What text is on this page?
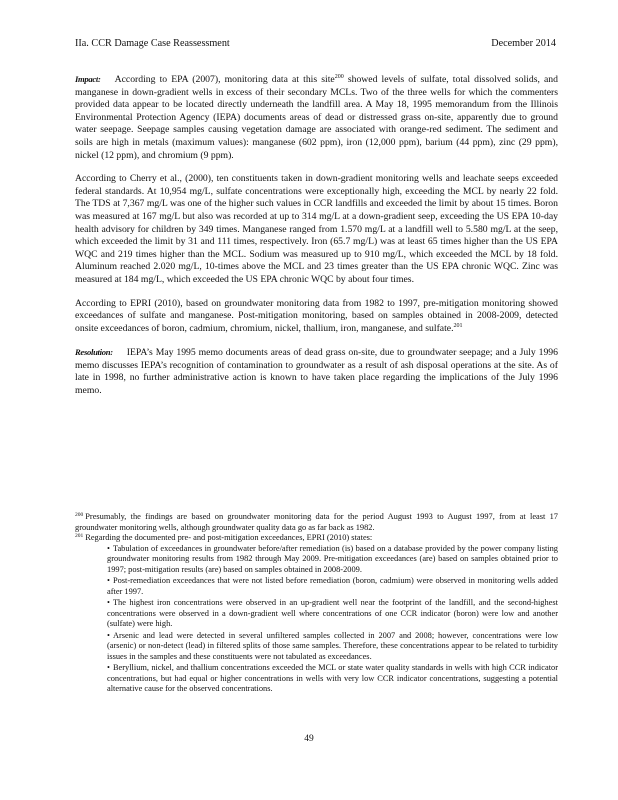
IIa. CCR Damage Case Reassessment	December 2014

Impact: According to EPA (2007), monitoring data at this site$^{200}$ showed levels of sulfate, total dissolved solids, and manganese in down-gradient wells in excess of their secondary MCLs. Two of the three wells for which the commenters provided data appear to be located directly underneath the landfill area. A May 18, 1995 memorandum from the Illinois Environmental Protection Agency (IEPA) documents areas of dead or distressed grass on-site, apparently due to ground water seepage. Seepage samples causing vegetation damage are associated with orange-red sediment. The sediment and soils are high in metals (maximum values): manganese (602 ppm), iron (12,000 ppm), barium (44 ppm), zinc (29 ppm), nickel (12 ppm), and chromium (9 ppm).

According to Cherry et al., (2000), ten constituents taken in down-gradient monitoring wells and leachate seeps exceeded federal standards. At 10,954 mg/L, sulfate concentrations were exceptionally high, exceeding the MCL by nearly 22 fold. The TDS at 7,367 mg/L was one of the higher such values in CCR landfills and exceeded the limit by about 15 times. Boron was measured at 167 mg/L but also was recorded at up to 314 mg/L at a down-gradient seep, exceeding the US EPA 10-day health advisory for children by 349 times. Manganese ranged from 1.570 mg/L at a landfill well to 5.580 mg/L at the seep, which exceeded the limit by 31 and 111 times, respectively. Iron (65.7 mg/L) was at least 65 times higher than the US EPA WQC and 219 times higher than the MCL. Sodium was measured up to 910 mg/L, which exceeded the MCL by 18 fold. Aluminum reached 2.020 mg/L, 10-times above the MCL and 23 times greater than the US EPA chronic WQC. Zinc was measured at 184 mg/L, which exceeded the US EPA chronic WQC by about four times.

According to EPRI (2010), based on groundwater monitoring data from 1982 to 1997, pre-mitigation monitoring showed exceedances of sulfate and manganese. Post-mitigation monitoring, based on samples obtained in 2008-2009, detected onsite exceedances of boron, cadmium, chromium, nickel, thallium, iron, manganese, and sulfate.$^{201}$

Resolution: IEPA’s May 1995 memo documents areas of dead grass on-site, due to groundwater seepage; and a July 1996 memo discusses IEPA’s recognition of contamination to groundwater as a result of ash disposal operations at the site. As of late in 1998, no further administrative action is known to have taken place regarding the implications of the July 1996 memo.

$^{200}$ Presumably, the findings are based on groundwater monitoring data for the period August 1993 to August 1997, from at least 17 groundwater monitoring wells, although groundwater quality data go as far back as 1982.

$^{201}$ Regarding the documented pre- and post-mitigation exceedances, EPRI (2010) states:

• Tabulation of exceedances in groundwater before/after remediation (is) based on a database provided by the power company listing groundwater monitoring results from 1982 through May 2009. Pre-mitigation exceedances (are) based on samples obtained prior to 1997; post-mitigation results (are) based on samples obtained in 2008-2009.
• Post-remediation exceedances that were not listed before remediation (boron, cadmium) were observed in monitoring wells added after 1997.
• The highest iron concentrations were observed in an up-gradient well near the footprint of the landfill, and the second-highest concentrations were observed in a down-gradient well where concentrations of one CCR indicator (boron) were low and another (sulfate) were high.
• Arsenic and lead were detected in several unfiltered samples collected in 2007 and 2008; however, concentrations were low (arsenic) or non-detect (lead) in filtered splits of those same samples. Therefore, these concentrations appear to be related to turbidity issues in the samples and these constituents were not tabulated as exceedances.
• Beryllium, nickel, and thallium concentrations exceeded the MCL or state water quality standards in wells with high CCR indicator concentrations, but had equal or higher concentrations in wells with very low CCR indicator concentrations, suggesting a potential alternative cause for the observed concentrations.
49
